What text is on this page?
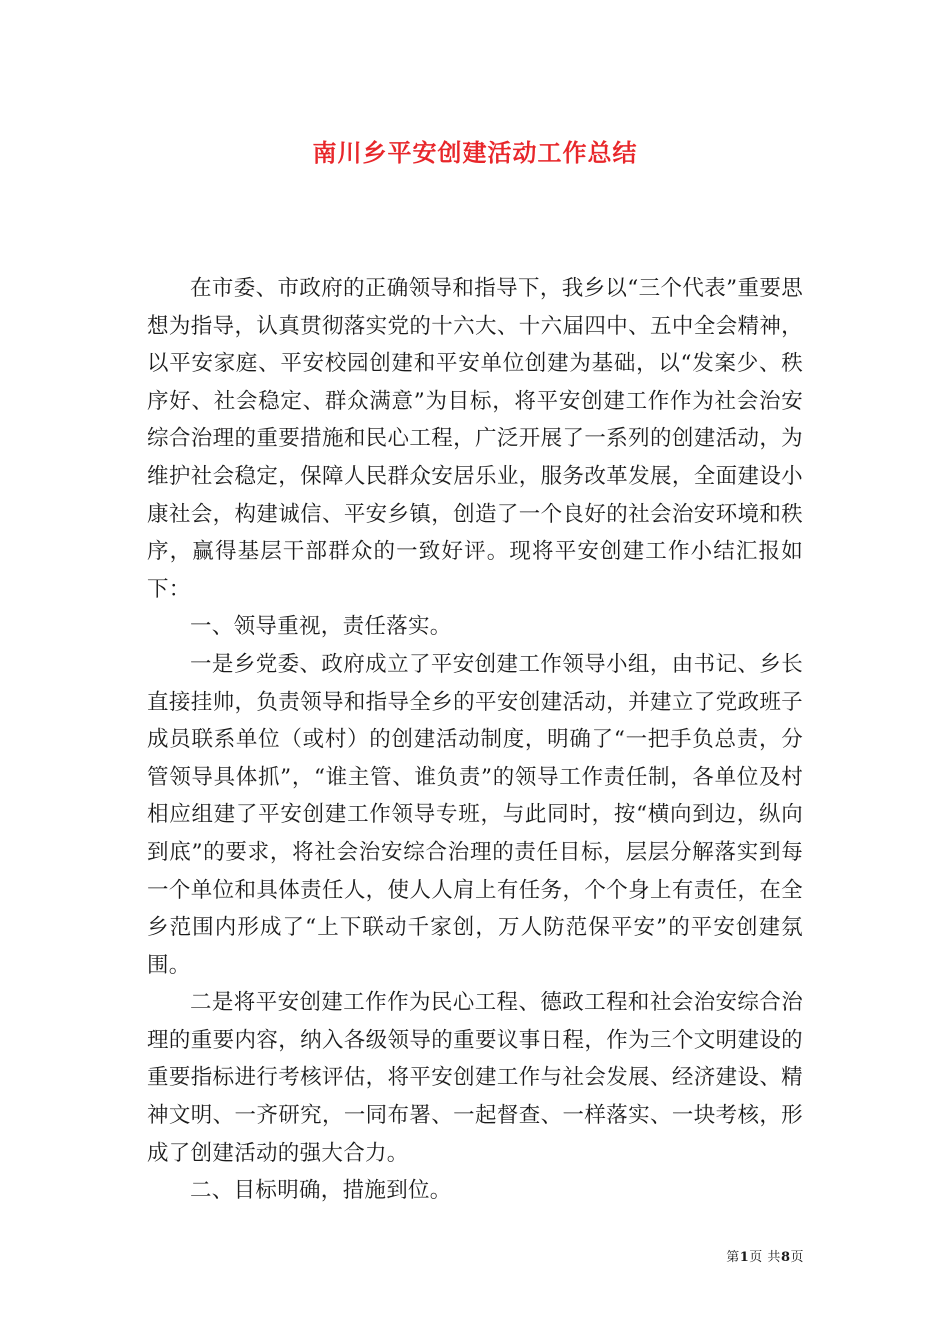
南川乡平安创建活动工作总结

在市委、市政府的正确领导和指导下，我乡以“三个代表”重要思想为指导，认真贯彻落实党的十六大、十六届四中、五中全会精神，以平安家庭、平安校园创建和平安单位创建为基础，以“发案少、秩序好、社会稳定、群众满意”为目标，将平安创建工作作为社会治安综合治理的重要措施和民心工程，广泛开展了一系列的创建活动，为维护社会稳定，保障人民群众安居乐业，服务改革发展，全面建设小康社会，构建诚信、平安乡镇，创造了一个良好的社会治安环境和秩序，赢得基层干部群众的一致好评。现将平安创建工作小结汇报如下：

一、领导重视，责任落实。

一是乡党委、政府成立了平安创建工作领导小组，由书记、乡长直接挂帅，负责领导和指导全乡的平安创建活动，并建立了党政班子成员联系单位（或村）的创建活动制度，明确了“一把手负总责，分管领导具体抓”，“谁主管、谁负责”的领导工作责任制，各单位及村相应组建了平安创建工作领导专班，与此同时，按“横向到边，纵向到底”的要求，将社会治安综合治理的责任目标，层层分解落实到每一个单位和具体责任人，使人人肩上有任务，个个身上有责任，在全乡范围内形成了“上下联动千家创，万人防范保平安”的平安创建氛围。

二是将平安创建工作作为民心工程、德政工程和社会治安综合治理的重要内容，纳入各级领导的重要议事日程，作为三个文明建设的重要指标进行考核评估，将平安创建工作与社会发展、经济建设、精神文明、一齐研究，一同布署、一起督查、一样落实、一块考核，形成了创建活动的强大合力。

二、目标明确，措施到位。

第1页 共8页
